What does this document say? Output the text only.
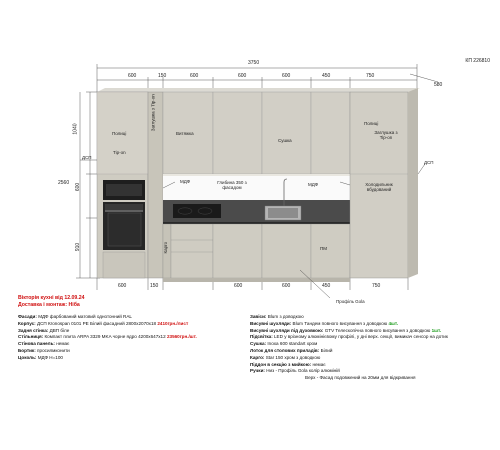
КП 226810
3750
600	150	600	600	600	450	750
580
2560
1040
600
910
600	150	600	600	450	750
Полиці
Tip-on
Заглушка з Tip-on
Витяжка
Сушка
Полиці
Заглушка з Tip-on
МДФ
МДФ
Глибина 350 з фасадом
ДСП
ДСП
Холодильник вбудований
Карго	ПМ
Профіль Gola
Вікторія кухні від 12.09.24
Доставка і монтаж: Ніба
Фасади: МДФ фарбований матовий однотонний RAL
Корпус: ДСП Кronospan 0101 PE Білий фасадний 2800х2070х18 2410грн./лист
Задня стінка: ДВП біле
Стільниця: Компакт плита ARPA 3329 MKA чорне ядро 4200х647х12 23560грн./шт.
Стінова панель: немає
Бортик: просилмконити
Цоколь: МДФ Н=100
Завіси: Blum з доводкою
Висувні шухляди: Blum Тандем повного висування з доводкою 4шт.
Висувні шухляди під духовкою: GTV Телескопічна повного висування з доводкою 1шт.
Підсвітка: LED у врізному алюмінієвому профілі, у дні верх. секції, вимикач сенсор на дотик
Сушка: Іnoxa 600 standart хром
Лоток для столових приладів: Білий
Карго: Star 150 хром з доводкою
Піддон в секцію з мийкою: немає
Ручки: Низ - Профіль Gola колір алюміній
Верх - Фасад подовжений на 20мм для відкривання
